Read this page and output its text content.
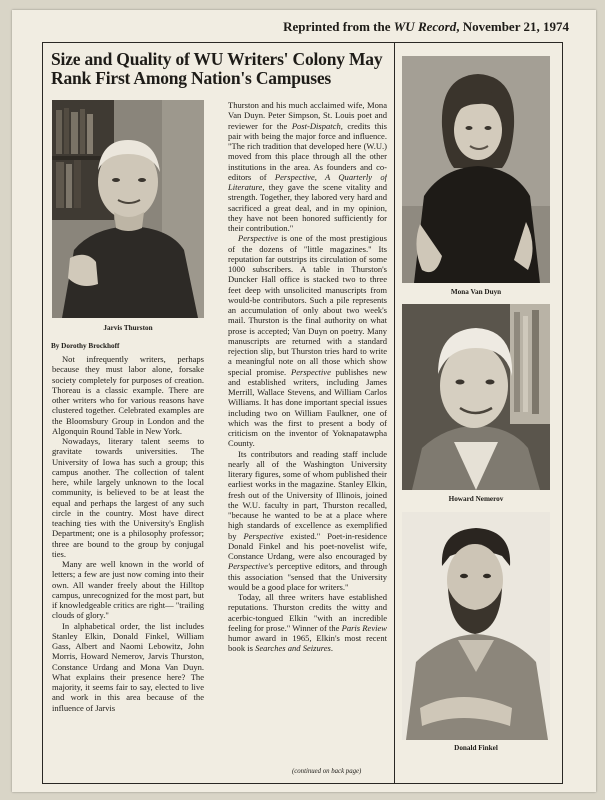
Reprinted from the WU Record, November 21, 1974
Size and Quality of WU Writers' Colony May Rank First Among Nation's Campuses
Jarvis Thurston
Mona Van Duyn
Howard Nemerov
Donald Finkel
By Dorothy Brockhoff

Not infrequently writers, perhaps because they must labor alone, forsake society completely for purposes of creation. Thoreau is a classic example. There are other writers who for various reasons have clustered together. Celebrated examples are the Bloomsbury Group in London and the Algonquin Round Table in New York.

Nowadays, literary talent seems to gravitate towards universities. The University of Iowa has such a group; this campus another. The collection of talent here, while largely unknown to the local community, is believed to be at least the equal and perhaps the largest of any such circle in the country. Most have direct teaching ties with the University's English Department; one is a philosophy professor; three are bound to the group by conjugal ties.

Many are well known in the world of letters; a few are just now coming into their own. All wander freely about the Hilltop campus, unrecognized for the most part, but if knowledgeable critics are right— "trailing clouds of glory."

In alphabetical order, the list includes Stanley Elkin, Donald Finkel, William Gass, Albert and Naomi Lebowitz, John Morris, Howard Nemerov, Jarvis Thurston, Constance Urdang and Mona Van Duyn. What explains their presence here? The majority, it seems fair to say, elected to live and work in this area because of the influence of Jarvis

Thurston and his much acclaimed wife, Mona Van Duyn. Peter Simpson, St. Louis poet and reviewer for the Post-Dispatch, credits this pair with being the major force and influence. "The rich tradition that developed here (W.U.) moved from this place through all the other institutions in the area. As founders and co-editors of Perspective, A Quarterly of Literature, they gave the scene vitality and strength. Together, they labored very hard and sacrificed a great deal, and in my opinion, they have not been honored sufficiently for their contribution."

Perspective is one of the most prestigious of the dozens of "little magazines." Its reputation far outstrips its circulation of some 1000 subscribers. A table in Thurston's Duncker Hall office is stacked two to three feet deep with unsolicited manuscripts from would-be contributors. Such a pile represents an accumulation of only about two week's mail. Thurston is the final authority on what prose is accepted; Van Duyn on poetry. Many manuscripts are returned with a standard rejection slip, but Thurston tries hard to write a meaningful note on all those which show special promise. Perspective publishes new and established writers, including James Merrill, Wallace Stevens, and William Carlos Williams. It has done important special issues including two on William Faulkner, one of which was the first to present a body of criticism on the inventor of Yoknapatawpha County.

Its contributors and reading staff include nearly all of the Washington University literary figures, some of whom published their earliest works in the magazine. Stanley Elkin, fresh out of the University of Illinois, joined the W.U. faculty in part, Thurston recalled, "because he wanted to be at a place where high standards of excellence as exemplified by Perspective existed." Poet-in-residence Donald Finkel and his poet-novelist wife, Constance Urdang, were also encouraged by Perspective's perceptive editors, and through this association "sensed that the University would be a good place for writers."

Today, all three writers have established reputations. Thurston credits the witty and acerbic-tongued Elkin "with an incredible feeling for prose." Winner of the Paris Review humor award in 1965, Elkin's most recent book is Searches and Seizures.

(continued on back page)
